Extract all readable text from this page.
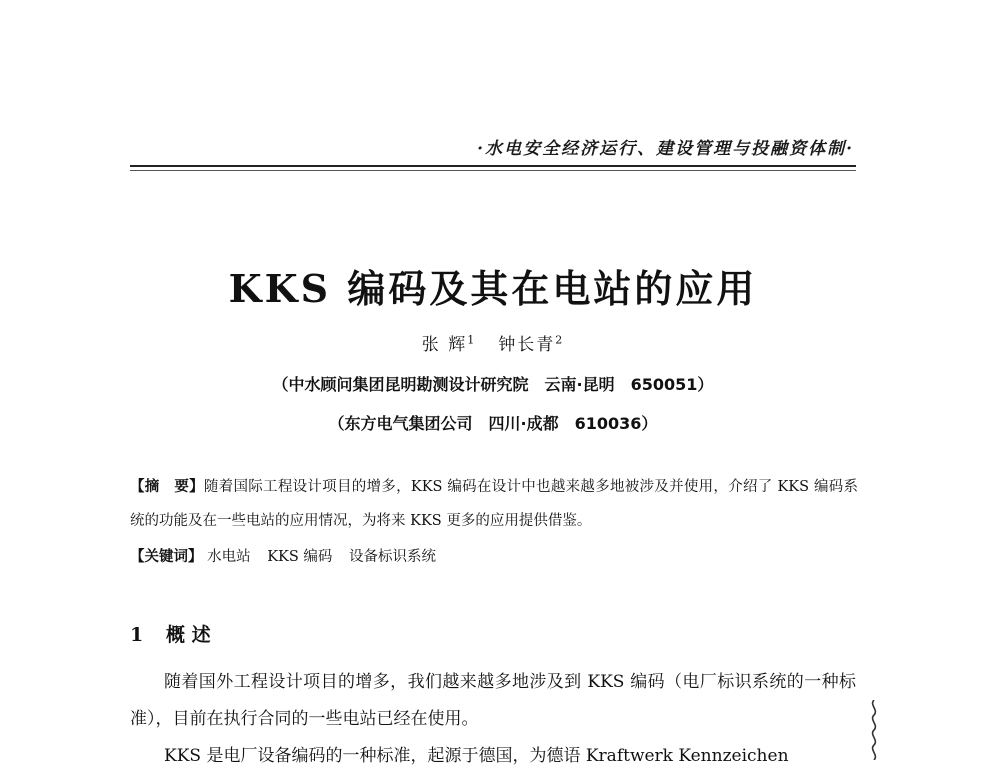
·水电安全经济运行、建设管理与投融资体制·
KKS 编码及其在电站的应用
张 辉$^1$ 钟长青$^2$
（中水顾问集团昆明勘测设计研究院　云南·昆明　650051）
（东方电气集团公司　四川·成都　610036）
【摘　要】随着国际工程设计项目的增多，KKS 编码在设计中也越来越多地被涉及并使用，介绍了 KKS 编码系统的功能及在一些电站的应用情况，为将来 KKS 更多的应用提供借鉴。
【关键词】 水电站 KKS 编码 设备标识系统
1 概 述
随着国外工程设计项目的增多，我们越来越多地涉及到 KKS 编码（电厂标识系统的一种标准），目前在执行合同的一些电站已经在使用。
KKS 是电厂设备编码的一种标准，起源于德国，为德语 Kraftwerk Kennzeichen
